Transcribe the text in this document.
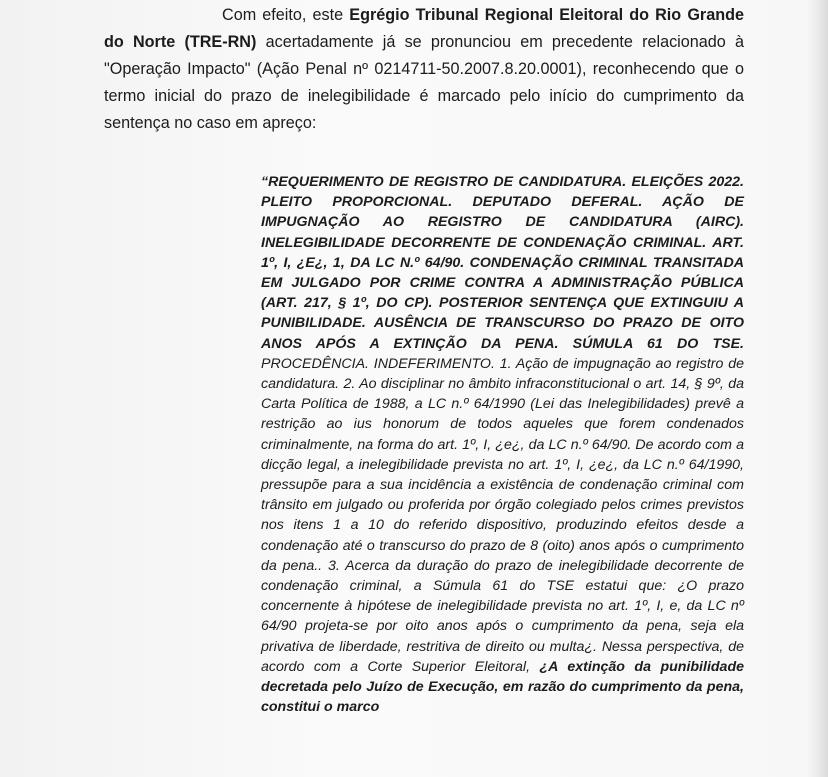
Com efeito, este Egrégio Tribunal Regional Eleitoral do Rio Grande do Norte (TRE-RN) acertadamente já se pronunciou em precedente relacionado à "Operação Impacto" (Ação Penal nº 0214711-50.2007.8.20.0001), reconhecendo que o termo inicial do prazo de inelegibilidade é marcado pelo início do cumprimento da sentença no caso em apreço:

“REQUERIMENTO DE REGISTRO DE CANDIDATURA. ELEIÇÕES 2022. PLEITO PROPORCIONAL. DEPUTADO DEFERAL. AÇÃO DE IMPUGNAÇÃO AO REGISTRO DE CANDIDATURA (AIRC). INELEGIBILIDADE DECORRENTE DE CONDENAÇÃO CRIMINAL. ART. 1º, I, ¿E¿, 1, DA LC N.º 64/90. CONDENAÇÃO CRIMINAL TRANSITADA EM JULGADO POR CRIME CONTRA A ADMINISTRAÇÃO PÚBLICA (ART. 217, § 1º, DO CP). POSTERIOR SENTENÇA QUE EXTINGUIU A PUNIBILIDADE. AUSÊNCIA DE TRANSCURSO DO PRAZO DE OITO ANOS APÓS A EXTINÇÃO DA PENA. SÚMULA 61 DO TSE. PROCEDÊNCIA. INDEFERIMENTO. 1. Ação de impugnação ao registro de candidatura. 2. Ao disciplinar no âmbito infraconstitucional o art. 14, § 9º, da Carta Política de 1988, a LC n.º 64/1990 (Lei das Inelegibilidades) prevê a restrição ao ius honorum de todos aqueles que forem condenados criminalmente, na forma do art. 1º, I, ¿e¿, da LC n.º 64/90. De acordo com a dicção legal, a inelegibilidade prevista no art. 1º, I, ¿e¿, da LC n.º 64/1990, pressupõe para a sua incidência a existência de condenação criminal com trânsito em julgado ou proferida por órgão colegiado pelos crimes previstos nos itens 1 a 10 do referido dispositivo, produzindo efeitos desde a condenação até o transcurso do prazo de 8 (oito) anos após o cumprimento da pena.. 3. Acerca da duração do prazo de inelegibilidade decorrente de condenação criminal, a Súmula 61 do TSE estatui que: ¿O prazo concernente à hipótese de inelegibilidade prevista no art. 1º, I, e, da LC nº 64/90 projeta-se por oito anos após o cumprimento da pena, seja ela privativa de liberdade, restritiva de direito ou multa¿. Nessa perspectiva, de acordo com a Corte Superior Eleitoral, ¿A extinção da punibilidade decretada pelo Juízo de Execução, em razão do cumprimento da pena, constitui o marco
